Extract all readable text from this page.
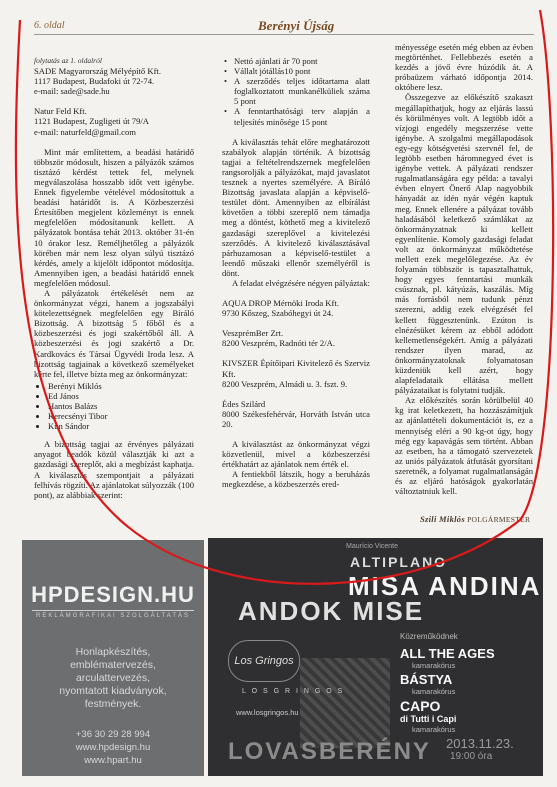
6. oldal	Berényi Újság
folytatás az 1. oldalról
SADE Magyarország Mélyépítő Kft.
1117 Budapest, Budafoki út 72-74.
e-mail: sade@sade.hu
Natur Feld Kft.
1121 Budapest, Zugligeti út 79/A
e-mail: naturfeld@gmail.com

Mint már említettem, a beadási határidő többször módosult, hiszen a pályázók számos tisztázó kérdést tettek fel, melynek megválaszolása hosszabb időt vett igénybe. Ennek figyelembe vételével módosítottuk a beadási határidőt is. A Közbeszerzési Értesítőben megjelent közleményt is ennek megfelelően módosítanunk kellett. A pályázatok bontása tehát 2013. október 31-én 10 órakor lesz. Reméljhetőleg a pályázók körében már nem lesz olyan súlyú tisztázó kérdés, amely a kijelölt időpontot módosítja. Amennyiben igen, a beadási határidő ennek megfelelően módosul.

A pályázatok értékelését nem az önkormányzat végzi, hanem a jogszabályi kötelezettségnek megfelelően egy Bíráló Bizottság. A bizottság 5 főből és a közbeszerzési és jogi szakértőből áll. A közbeszerzési és jogi szakértő a Dr. Kardkovács és Társai Ügyvédi Iroda lesz. A bizottság tagjainak a következő személyeket kérte fel, illetve bízta meg az önkormányzat:

• Berényi Miklós
• Ed János
• Hantos Balázs
• Kerecsényi Tibor
• Kun Sándor

A bizottság tagjai az érvényes pályázati anyagot beadók közül választják ki azt a gazdasági szereplőt, aki a megbízást kaphatja. A kiválasztás szempontjait a pályázati felhívás rögzíti. Az ajánlatokat súlyozzák (100 pont), az alábbiak szerint:

• Nettó ajánlati ár 70 pont
• Vállalt jótállás10 pont
• A szerződés teljes időtartama alatt foglalkoztatott munkanélküliek száma 5 pont
• A fenntarthatósági terv alapján a teljesítés minősége 15 pont

A kiválasztás tehát előre meghatározott szabályok alapján történik. A bizottság tagjai a feltételrendszernek megfelelően rangsorolják a pályázókat, majd javaslatot tesznek a nyertes személyére. A Bíráló Bizottság javaslata alapján a képviselő-testület dönt. Amennyiben az elbírálást követően a többi szereplő nem támadja meg a döntést, köthető meg a kivitelező gazdasági szereplővel a kivitelezési szerződés. A kivitelező kiválasztásával párhuzamosan a képviselő-testület a leendő műszaki ellenőr személyéről is dönt.

A feladat elvégzésére négyen pályáztak:

AQUA DROP Mérnöki Iroda Kft.
9730 Kőszeg, Szabóhegyi út 24.
VeszprémBer Zrt.
8200 Veszprém, Radnóti tér 2/A.
KIVSZER Építőipari Kivitelező és Szerviz Kft.
8200 Veszprém, Almádi u. 3. fszt. 9.
Édes Szilárd
8000 Székesfehérvár, Horváth István utca 20.

A kiválasztást az önkormányzat végzi közvetlenül, mivel a közbeszerzési értékhatárt az ajánlatok nem érték el.

A fentiekből látszik, hogy a beruházás megkezdése, a közbeszerzés ered-

ményessége esetén még ebben az évben megtörténhet. Fellebbezés esetén a kezdés a jövő évre húzódik át. A próbaüzem várható időpontja 2014. októbere lesz.

Összegezve az előkészítő szakaszt megállapíthatjuk, hogy az eljárás lassú és körülményes volt. A legtöbb időt a vízjogi engedély megszerzése vette igénybe. A szolgalmi megállapodások egy-egy kötségvetési szervnél fel, de legtöbb esetben háromnegyed évet is igénybe vettek. A pályázati rendszer rugalmatlanságára egy példa: a tavalyi évben elnyert Önerő Alap nagyobbik hányadát az idén nyár végén kaptuk meg. Ennek ellenére a pályázat tovább haladásából keletkező számlákat az önkormányzatnak ki kellett egyenlítenie. Komoly gazdasági feladat volt az önkormányzat működtetése mellett ezek megelőlegezése. Az év folyamán többször is tapasztalhattuk, hogy egyes fenntartási munkák csúsznak, pl. kátyúzás, kaszálás. Míg más forrásból nem tudunk pénzt szerezni, addig ezek elvégzését fel kellett függesztenünk. Ezúton is elnézésüket kérem az ebből adódott kellemetlenségekért. Amíg a pályázati rendszer ilyen marad, az önkormányzatoknak folyamatosan küzdeniük kell azért, hogy alapfeladataik ellátása mellett pályázataikat is folytatni tudják.

Az előkészítés során körülbelül 40 kg irat keletkezett, ha hozzászámítjuk az ajánlattételi dokumentációt is, ez a mennyiség eléri a 90 kg-ot úgy, hogy még egy kapavágás sem történt. Abban az esetben, ha a támogató szervezetek az uniós pályázatok átfutását gyorsítani szeretnék, a folyamat rugalmatlanságán és az eljáró hatóságok gyakorlatán változtatniuk kell.

Szili Miklós POLGÁRMESTER
HPDESIGN.HU
REKLÁMGRAFIKAI SZOLGÁLTATÁS
Honlapkészítés,
emblématervezés,
arculattervezés,
nyomtatott kiadványok,
festmények.
+36 30 29 28 994
www.hpdesign.hu
www.hpart.hu
Maurício Vicente
ALTIPLANO
MISA ANDINA
ANDOK MISE
Los Gringos
Közreműködnek
ALL THE AGES
kamarakórus
BÁSTYA
kamarakórus
CAPO
di Tutti i Capi
kamarakórus
L O S G R I N G O S
www.losgringos.hu
LOVASBERÉNY 2013.11.23.
19:00 óra
